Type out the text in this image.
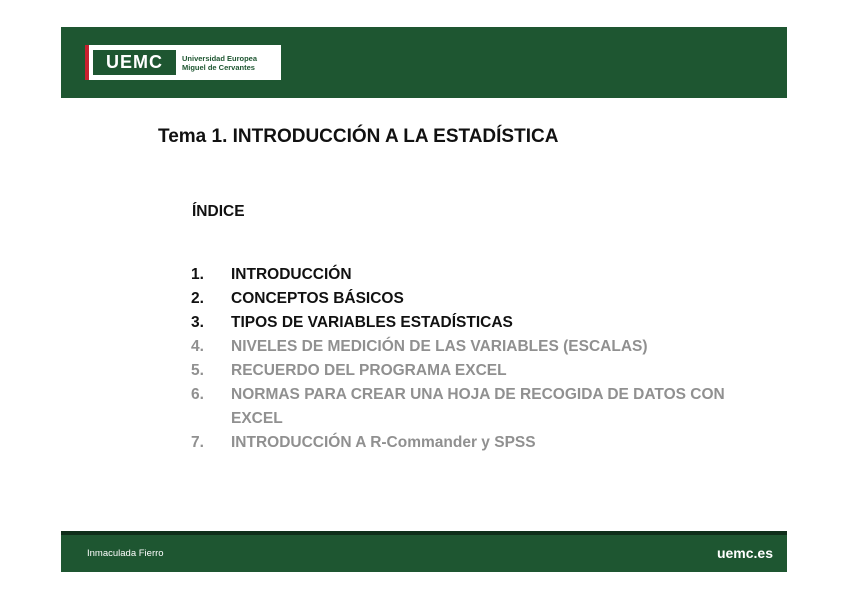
UEMC	Universidad Europea
Miguel de Cervantes
Tema 1. INTRODUCCIÓN A LA ESTADÍSTICA
ÍNDICE
1.	INTRODUCCIÓN
2.	CONCEPTOS BÁSICOS
3.	TIPOS DE VARIABLES ESTADÍSTICAS
4.	NIVELES DE MEDICIÓN DE LAS VARIABLES (ESCALAS)
5.	RECUERDO DEL PROGRAMA EXCEL
6.	NORMAS PARA CREAR UNA HOJA DE RECOGIDA DE DATOS CON EXCEL
7.	INTRODUCCIÓN A R-Commander y SPSS
Inmaculada Fierro	uemc.es
